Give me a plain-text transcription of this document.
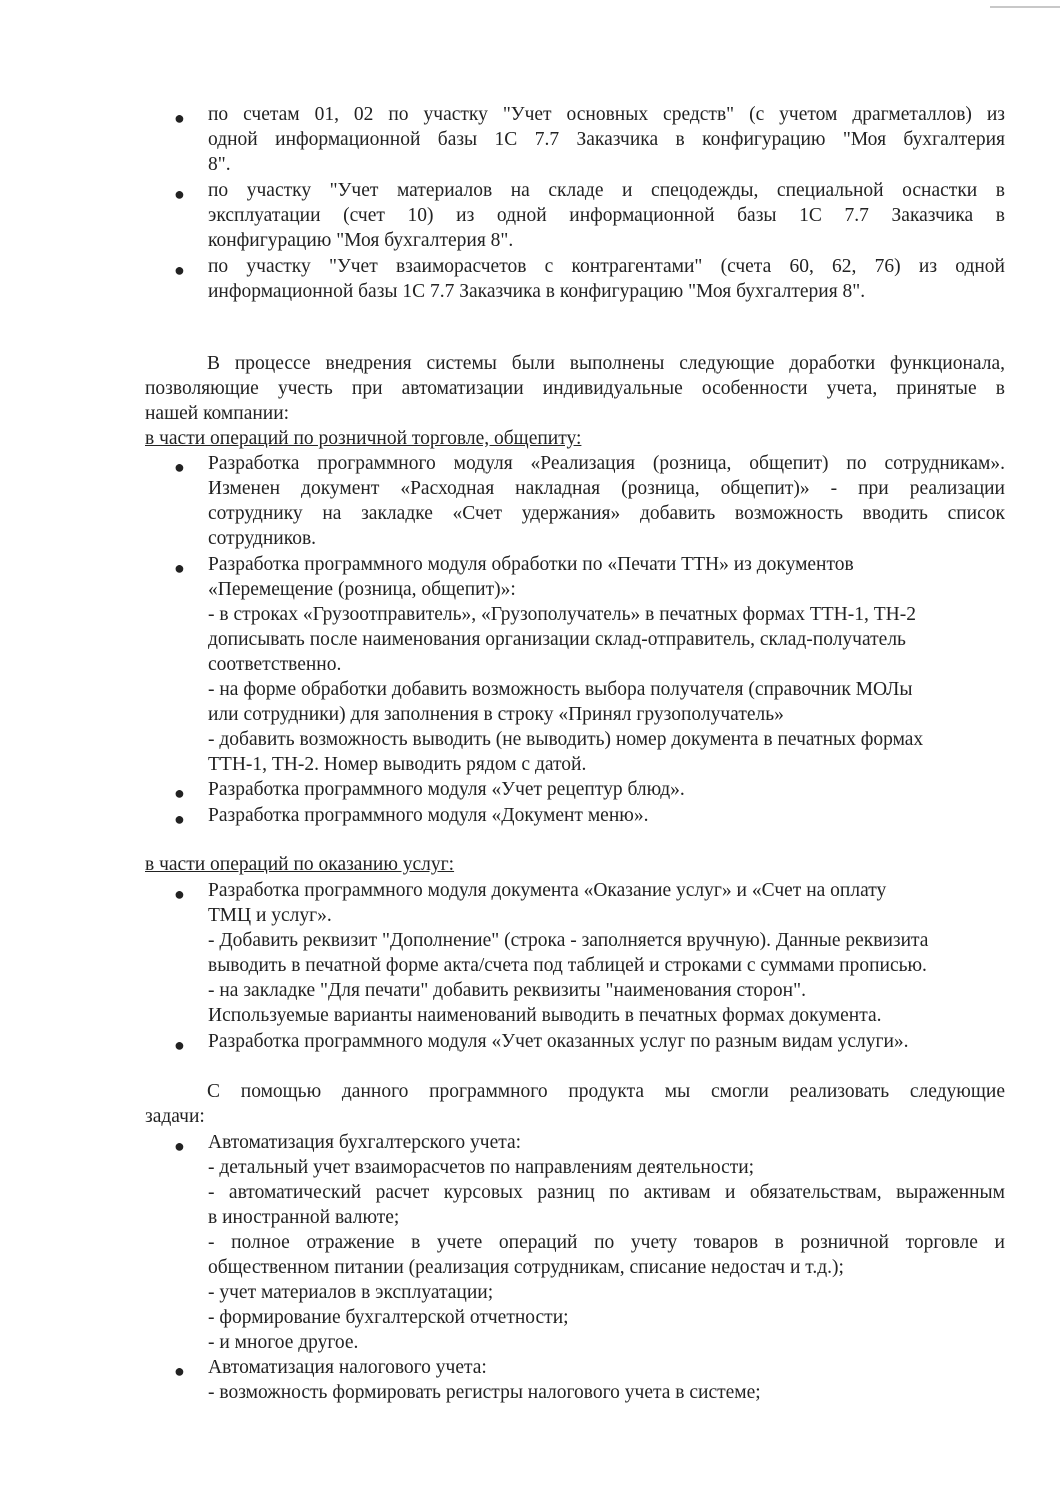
● по счетам 01, 02 по участку "Учет основных средств" (с учетом драгметаллов) из
одной информационной базы 1С 7.7 Заказчика в конфигурацию "Моя бухгалтерия
8".
● по участку "Учет материалов на складе и спецодежды, специальной оснастки в
эксплуатации (счет 10) из одной информационной базы 1С 7.7 Заказчика в
конфигурацию "Моя бухгалтерия 8".
● по участку "Учет взаиморасчетов с контрагентами" (счета 60, 62, 76) из одной
информационной базы 1С 7.7 Заказчика в конфигурацию "Моя бухгалтерия 8".
В процессе внедрения системы были выполнены следующие доработки функционала,
позволяющие учесть при автоматизации индивидуальные особенности учета, принятые в
нашей компании:
в части операций по розничной торговле, общепиту:
● Разработка программного модуля «Реализация (розница, общепит) по сотрудникам».
Изменен документ «Расходная накладная (розница, общепит)» - при реализации
сотруднику на закладке «Счет удержания» добавить возможность вводить список
сотрудников.
● Разработка программного модуля обработки по «Печати ТТН» из документов
«Перемещение (розница, общепит)»:
- в строках «Грузоотправитель», «Грузополучатель» в печатных формах ТТН-1, ТН-2
дописывать после наименования организации склад-отправитель, склад-получатель
соответственно.
- на форме обработки добавить возможность выбора получателя (справочник МОЛы
или сотрудники) для заполнения в строку «Принял грузополучатель»
- добавить возможность выводить (не выводить) номер документа в печатных формах
ТТН-1, ТН-2. Номер выводить рядом с датой.
● Разработка программного модуля «Учет рецептур блюд».
● Разработка программного модуля «Документ меню».
в части операций по оказанию услуг:
● Разработка программного модуля документа «Оказание услуг» и «Счет на оплату
ТМЦ и услуг».
- Добавить реквизит "Дополнение" (строка - заполняется вручную). Данные реквизита
выводить в печатной форме акта/счета под таблицей и строками с суммами прописью.
- на закладке "Для печати" добавить реквизиты "наименования сторон".
Используемые варианты наименований выводить в печатных формах документа.
● Разработка программного модуля «Учет оказанных услуг по разным видам услуги».
С помощью данного программного продукта мы смогли реализовать следующие
задачи:
● Автоматизация бухгалтерского учета:
- детальный учет взаиморасчетов по направлениям деятельности;
- автоматический расчет курсовых разниц по активам и обязательствам, выраженным
в иностранной валюте;
- полное отражение в учете операций по учету товаров в розничной торговле и
общественном питании (реализация сотрудникам, списание недостач и т.д.);
- учет материалов в эксплуатации;
- формирование бухгалтерской отчетности;
- и многое другое.
● Автоматизация налогового учета:
- возможность формировать регистры налогового учета в системе;
